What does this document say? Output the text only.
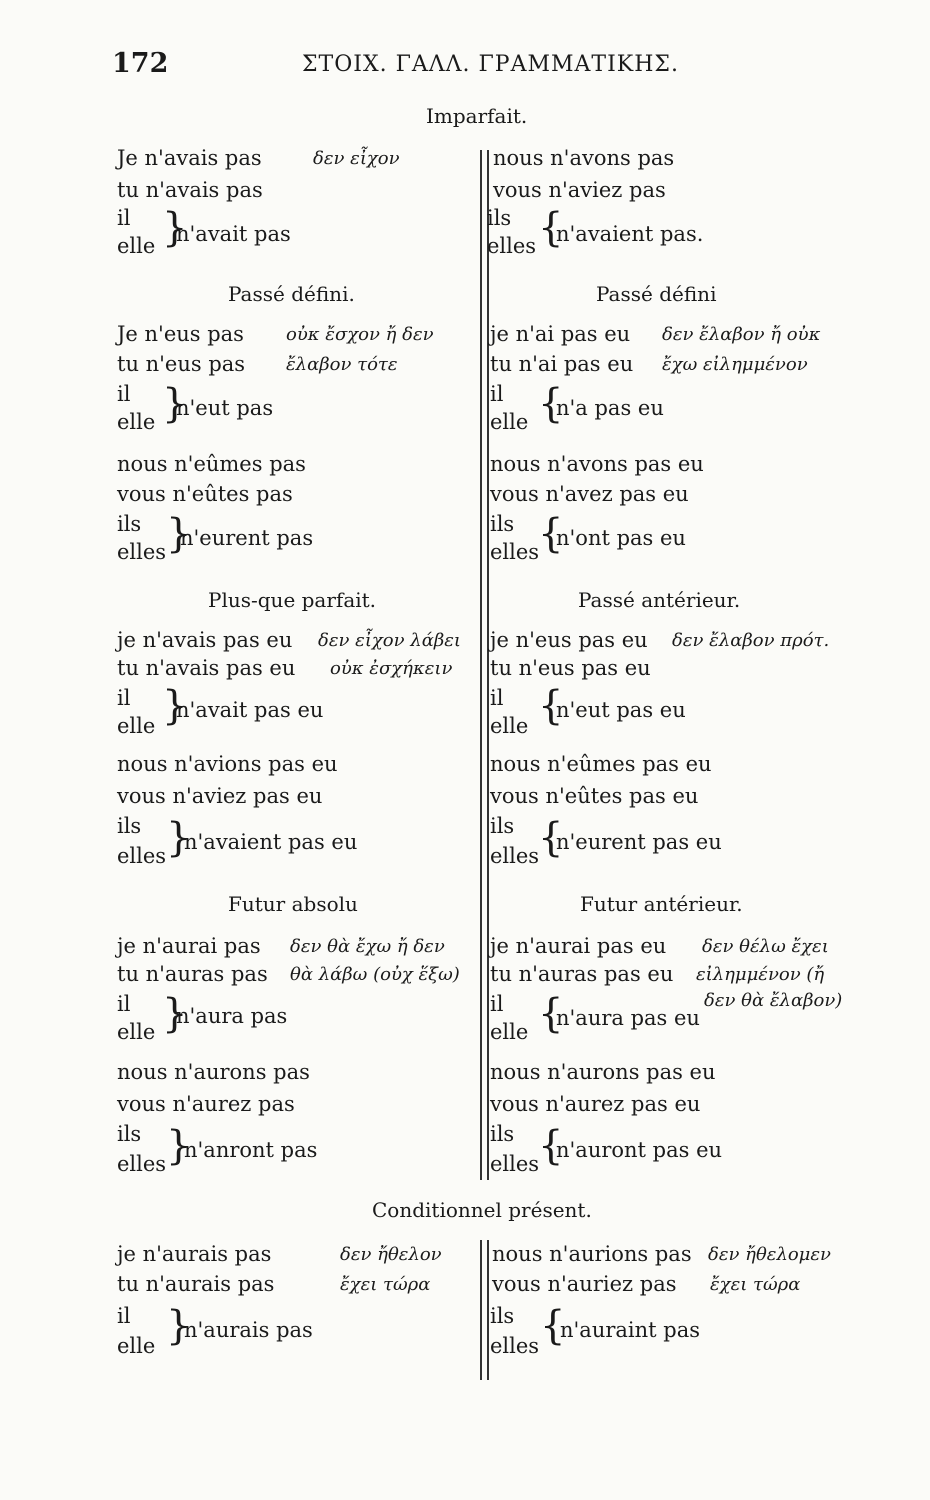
172	ΣΤΟΙΧ. ΓΑΛΛ. ΓΡΑΜΜΑΤΙΚΗΣ.
Imparfait.
Je n'avais pas	δεν εἶχον
tu n'avais pas
il
elle }
n'avait pas
nous n'avons pas
vous n'aviez pas
ils
elles {
n'avaient pas.
Passé défini.	Passé défini
Je n'eus pas οὐκ ἔσχον ἤ δεν
tu n'eus pas ἔλαβον τότε
il
elle }
n'eut pas
nous n'eûmes pas
vous n'eûtes pas
ils
elles }
n'eurent pas
je n'ai pas eu δεν ἔλαβον ἤ οὐκ
tu n'ai pas eu ἔχω εἰλημμένον
il
elle {
n'a pas eu
nous n'avons pas eu
vous n'avez pas eu
ils
elles
{
n'ont pas eu
Plus-que parfait.	Passé antérieur.
je n'avais pas eu δεν εἶχον λάβει
tu n'avais pas eu οὐκ ἐσχήκειν
il
elle }
n'avait pas eu
nous n'avions pas eu
vous n'aviez pas eu
ils
elles }
n'avaient pas eu
je n'eus pas eu δεν ἔλαβον πρότ.
tu n'eus pas eu
il
elle {
n'eut pas eu
nous n'eûmes pas eu
vous n'eûtes pas eu
ils
elles
{
n'eurent pas eu
Futur absolu	Futur antérieur.
je n'aurai pas δεν θὰ ἔχω ἤ δεν
tu n'auras pas θὰ λάβω (οὐχ ἕξω)
il
elle }
n'aura pas
nous n'aurons pas
vous n'aurez pas
ils
elles }
n'anront pas
je n'aurai pas eu δεν θέλω ἔχει
tu n'auras pas eu εἰλημμένον (ἤ
il	δεν θὰ ἔλαβον)
elle {
n'aura pas eu
nous n'aurons pas eu
vous n'aurez pas eu
ils
elles
{
n'auront pas eu
Conditionnel présent.
je n'aurais pas	δεν ἤθελον
tu n'aurais pas	ἔχει τώρα
il
elle }
n'aurais pas
nous n'aurions pas δεν ἤθελομεν
vous n'auriez pas ἔχει τώρα
ils
elles {
n'auraint pas
